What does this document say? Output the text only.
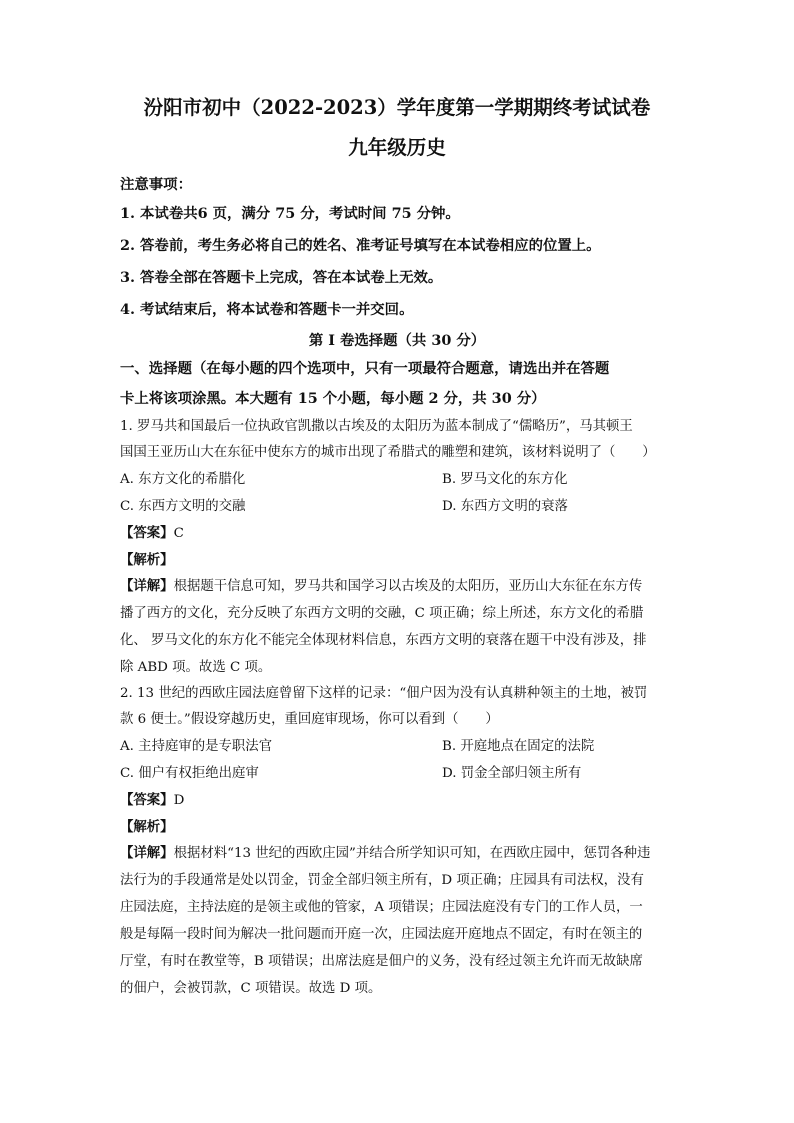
汾阳市初中（2022-2023）学年度第一学期期终考试试卷
九年级历史
注意事项：
1. 本试卷共6 页，满分 75 分，考试时间 75 分钟。
2. 答卷前，考生务必将自己的姓名、准考证号填写在本试卷相应的位置上。
3. 答卷全部在答题卡上完成，答在本试卷上无效。
4. 考试结束后，将本试卷和答题卡一并交回。
第 I 卷选择题（共 30 分）
一、选择题（在每小题的四个选项中，只有一项最符合题意，请选出并在答题
卡上将该项涂黑。本大题有 15 个小题，每小题 2 分，共 30 分）
1. 罗马共和国最后一位执政官凯撒以古埃及的太阳历为蓝本制成了“儒略历”，马其顿王
国国王亚历山大在东征中使东方的城市出现了希腊式的雕塑和建筑，该材料说明了（　　）
A. 东方文化的希腊化	B. 罗马文化的东方化
C. 东西方文明的交融	D. 东西方文明的衰落
【答案】C
【解析】
【详解】根据题干信息可知，罗马共和国学习以古埃及的太阳历，亚历山大东征在东方传
播了西方的文化，充分反映了东西方文明的交融，C 项正确；综上所述，东方文化的希腊
化、 罗马文化的东方化不能完全体现材料信息，东西方文明的衰落在题干中没有涉及，排
除 ABD 项。故选 C 项。
2. 13 世纪的西欧庄园法庭曾留下这样的记录：“佃户因为没有认真耕种领主的土地，被罚
款 6 便士。”假设穿越历史，重回庭审现场，你可以看到（　　）
A. 主持庭审的是专职法官	B. 开庭地点在固定的法院
C. 佃户有权拒绝出庭审	D. 罚金全部归领主所有
【答案】D
【解析】
【详解】根据材料“13 世纪的西欧庄园”并结合所学知识可知，在西欧庄园中，惩罚各种违
法行为的手段通常是处以罚金，罚金全部归领主所有，D 项正确；庄园具有司法权，没有
庄园法庭，主持法庭的是领主或他的管家，A 项错误；庄园法庭没有专门的工作人员，一
般是每隔一段时间为解决一批问题而开庭一次，庄园法庭开庭地点不固定，有时在领主的
厅堂，有时在教堂等，B 项错误；出席法庭是佃户的义务，没有经过领主允许而无故缺席
的佃户，会被罚款，C 项错误。故选 D 项。
